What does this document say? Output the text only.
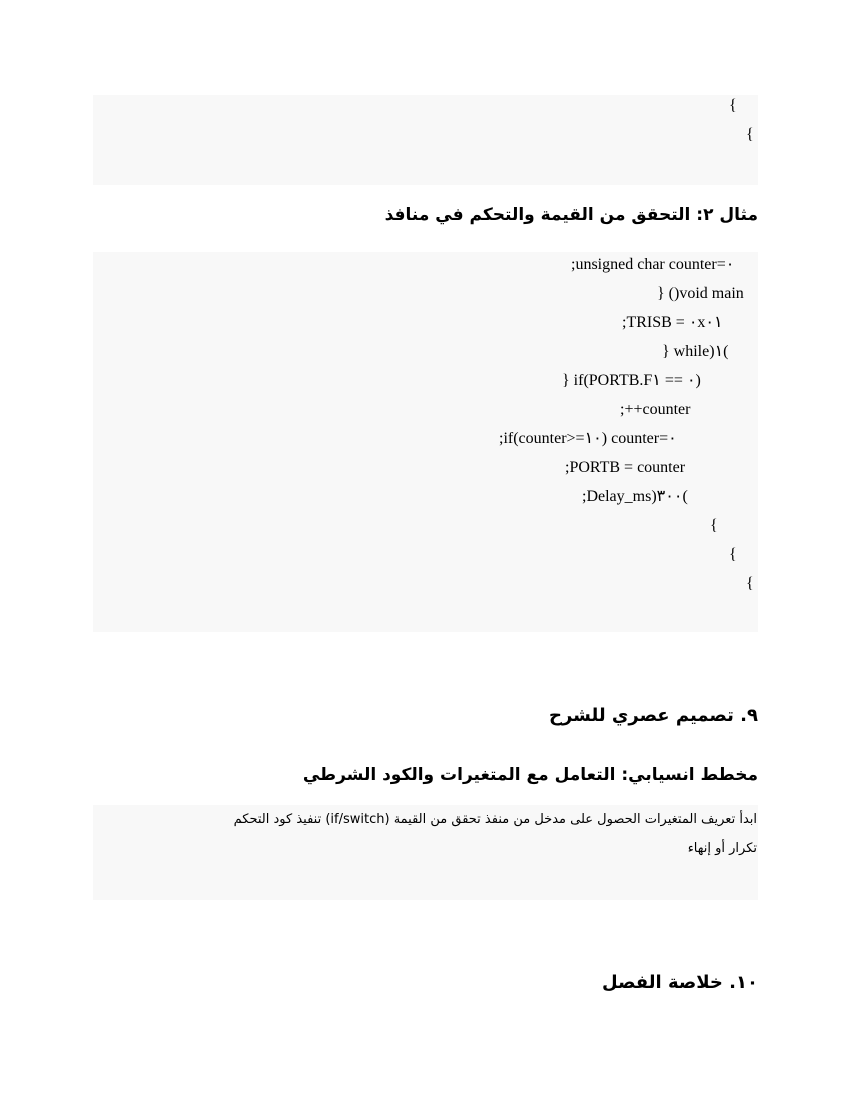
{
{
مثال ٢: التحقق من القيمة والتحكم في منافذ
;unsigned char counter=٠
} ()void main
;TRISB = ٠x٠١
} while)١(
} if(PORTB.F٠ == ١)
;++counter
;if(counter>=١٠) counter=٠
;PORTB = counter
;Delay_ms)٣٠٠(
{
{
{
٩. تصميم عصري للشرح
مخطط انسيابي: التعامل مع المتغيرات والكود الشرطي
ابدأ تعريف المتغيرات الحصول على مدخل من منفذ تحقق من القيمة (if/switch) تنفيذ كود التحكم
تكرار أو إنهاء
١٠. خلاصة الفصل
